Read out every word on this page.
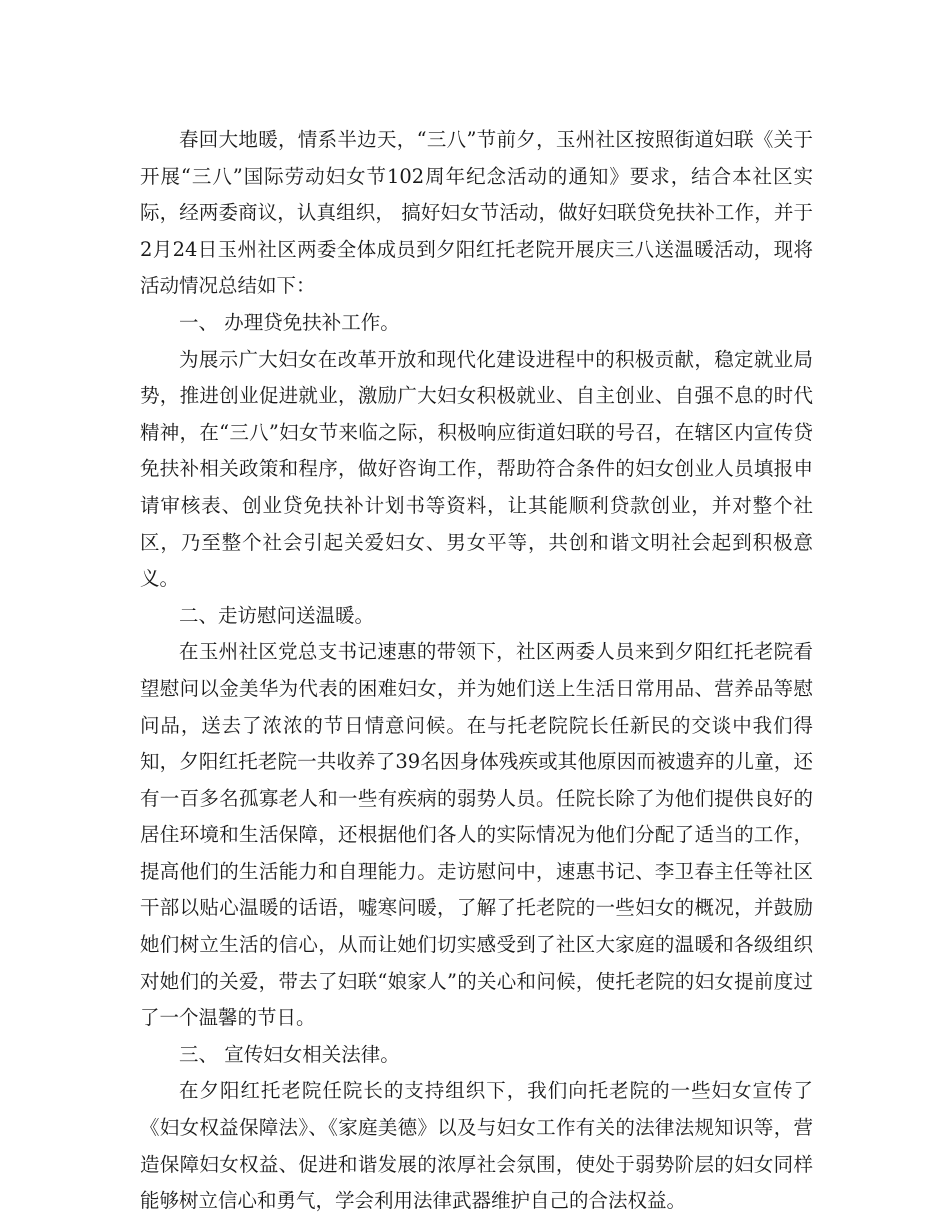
春回大地暖，情系半边天，“三八”节前夕，玉州社区按照街道妇联《关于开展“三八”国际劳动妇女节102周年纪念活动的通知》要求，结合本社区实际，经两委商议，认真组织， 搞好妇女节活动，做好妇联贷免扶补工作，并于2月24日玉州社区两委全体成员到夕阳红托老院开展庆三八送温暖活动，现将活动情况总结如下：

一、 办理贷免扶补工作。

为展示广大妇女在改革开放和现代化建设进程中的积极贡献，稳定就业局势，推进创业促进就业，激励广大妇女积极就业、自主创业、自强不息的时代精神，在“三八”妇女节来临之际，积极响应街道妇联的号召，在辖区内宣传贷免扶补相关政策和程序，做好咨询工作，帮助符合条件的妇女创业人员填报申请审核表、创业贷免扶补计划书等资料，让其能顺利贷款创业，并对整个社区，乃至整个社会引起关爱妇女、男女平等，共创和谐文明社会起到积极意义。

二、走访慰问送温暖。

在玉州社区党总支书记速惠的带领下，社区两委人员来到夕阳红托老院看望慰问以金美华为代表的困难妇女，并为她们送上生活日常用品、营养品等慰问品，送去了浓浓的节日情意问候。在与托老院院长任新民的交谈中我们得知，夕阳红托老院一共收养了39名因身体残疾或其他原因而被遗弃的儿童，还有一百多名孤寡老人和一些有疾病的弱势人员。任院长除了为他们提供良好的居住环境和生活保障，还根据他们各人的实际情况为他们分配了适当的工作，提高他们的生活能力和自理能力。走访慰问中，速惠书记、李卫春主任等社区干部以贴心温暖的话语，嘘寒问暖，了解了托老院的一些妇女的概况，并鼓励她们树立生活的信心，从而让她们切实感受到了社区大家庭的温暖和各级组织对她们的关爱，带去了妇联“娘家人”的关心和问候，使托老院的妇女提前度过了一个温馨的节日。

三、 宣传妇女相关法律。

在夕阳红托老院任院长的支持组织下，我们向托老院的一些妇女宣传了《妇女权益保障法》、《家庭美德》以及与妇女工作有关的法律法规知识等，营造保障妇女权益、促进和谐发展的浓厚社会氛围，使处于弱势阶层的妇女同样能够树立信心和勇气，学会利用法律武器维护自己的合法权益。
